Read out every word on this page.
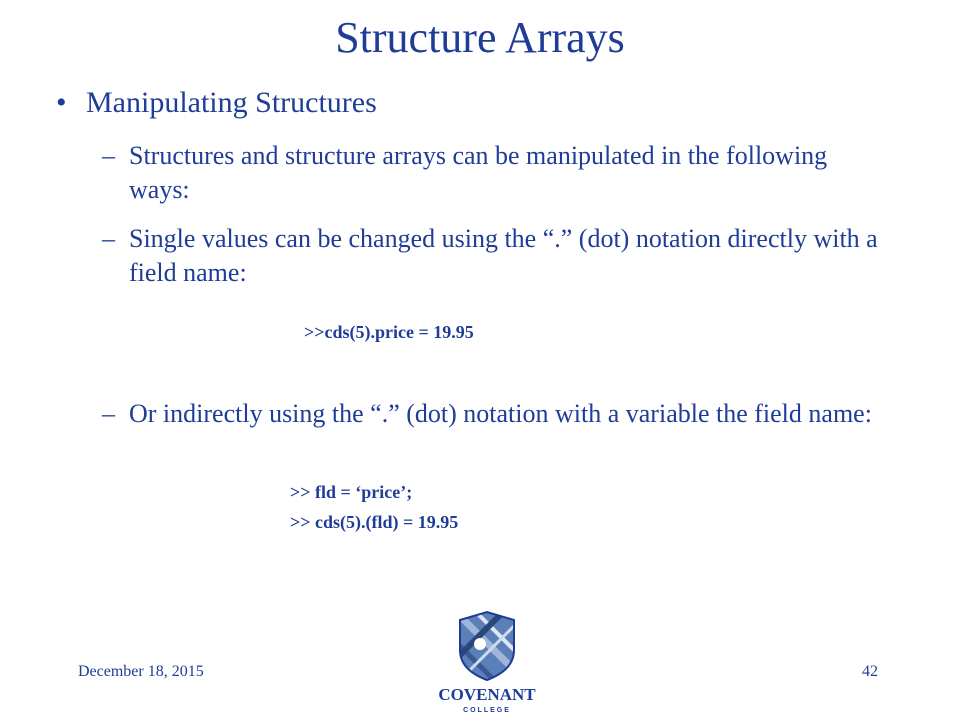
Structure Arrays
• Manipulating Structures
– Structures and structure arrays can be manipulated in the following ways:
– Single values can be changed using the “.” (dot) notation directly with a field name:
>>cds(5).price = 19.95
– Or indirectly using the “.” (dot) notation with a variable the field name:
>> fld = ‘price’;
>> cds(5).(fld) = 19.95
December 18, 2015	42
COVENANT
COLLEGE
